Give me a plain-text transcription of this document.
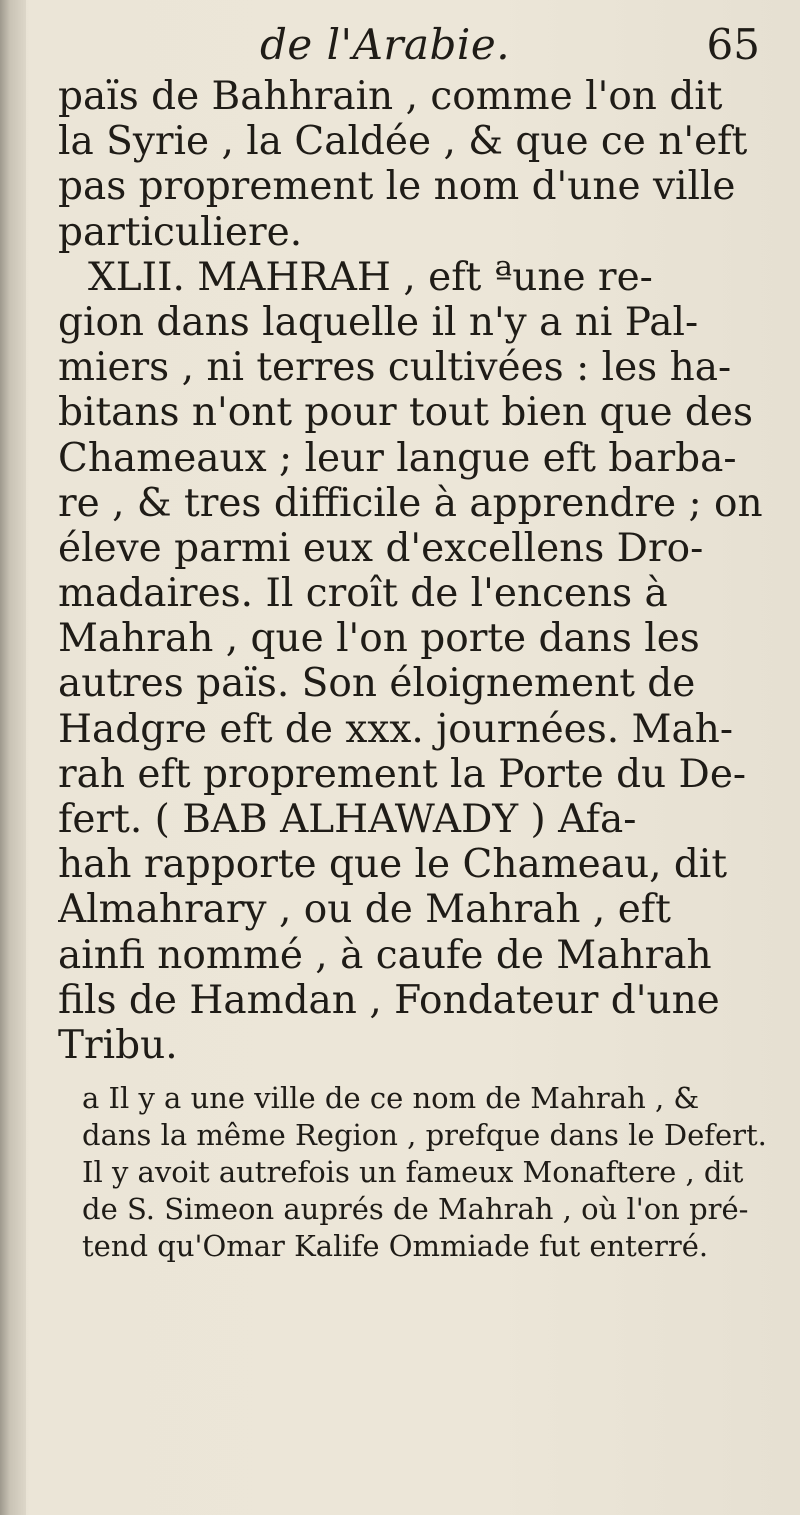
de l'Arabie.	65
païs de Bahhrain , comme l'on dit
la Syrie , la Caldée , & que ce n'eft
pas proprement le nom d'une ville
particuliere.
XLII. MAHRAH , eft ªune re-
gion dans laquelle il n'y a ni Pal-
miers , ni terres cultivées : les ha-
bitans n'ont pour tout bien que des
Chameaux ; leur langue eft barba-
re , & tres difficile à apprendre ; on
éleve parmi eux d'excellens Dro-
madaires. Il croît de l'encens à
Mahrah , que l'on porte dans les
autres païs. Son éloignement de
Hadgre eft de xxx. journées. Mah-
rah eft proprement la Porte du De-
fert. ( BAB ALHAWADY ) Afa-
hah rapporte que le Chameau, dit
Almahrary , ou de Mahrah , eft
ainfi nommé , à caufe de Mahrah
fils de Hamdan , Fondateur d'une
Tribu.
a Il y a une ville de ce nom de Mahrah , &
dans la même Region , prefque dans le Defert.
Il y avoit autrefois un fameux Monaftere , dit
de S. Simeon auprés de Mahrah , où l'on pré-
tend qu'Omar Kalife Ommiade fut enterré.
